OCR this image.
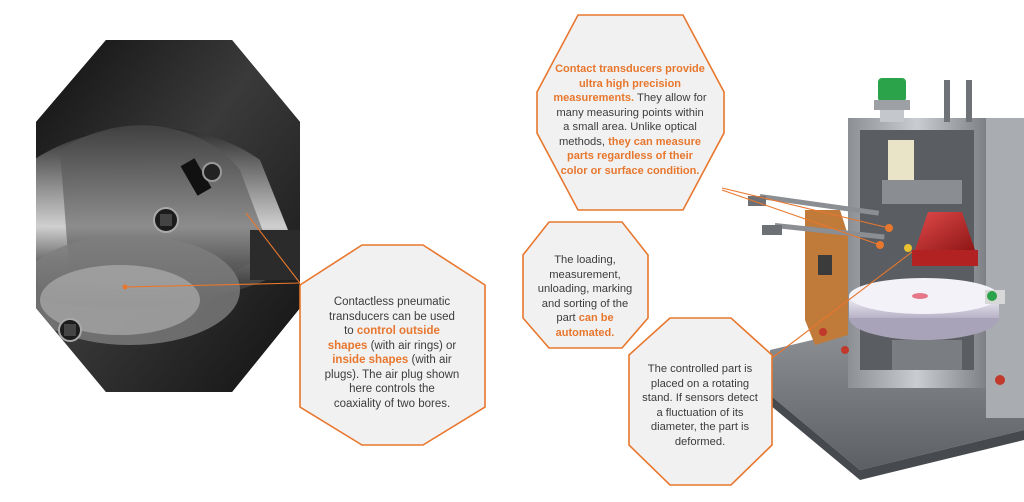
Contactless pneumatic transducers can be used to control outside shapes (with air rings) or inside shapes (with air plugs). The air plug shown here controls the coaxiality of two bores.
Contact transducers provide ultra high precision measurements. They allow for many measuring points within a small area. Unlike optical methods, they can measure parts regardless of their color or surface condition.
The loading, measurement, unloading, marking and sorting of the part can be automated.
The controlled part is placed on a rotating stand. If sensors detect a fluctuation of its diameter, the part is deformed.
